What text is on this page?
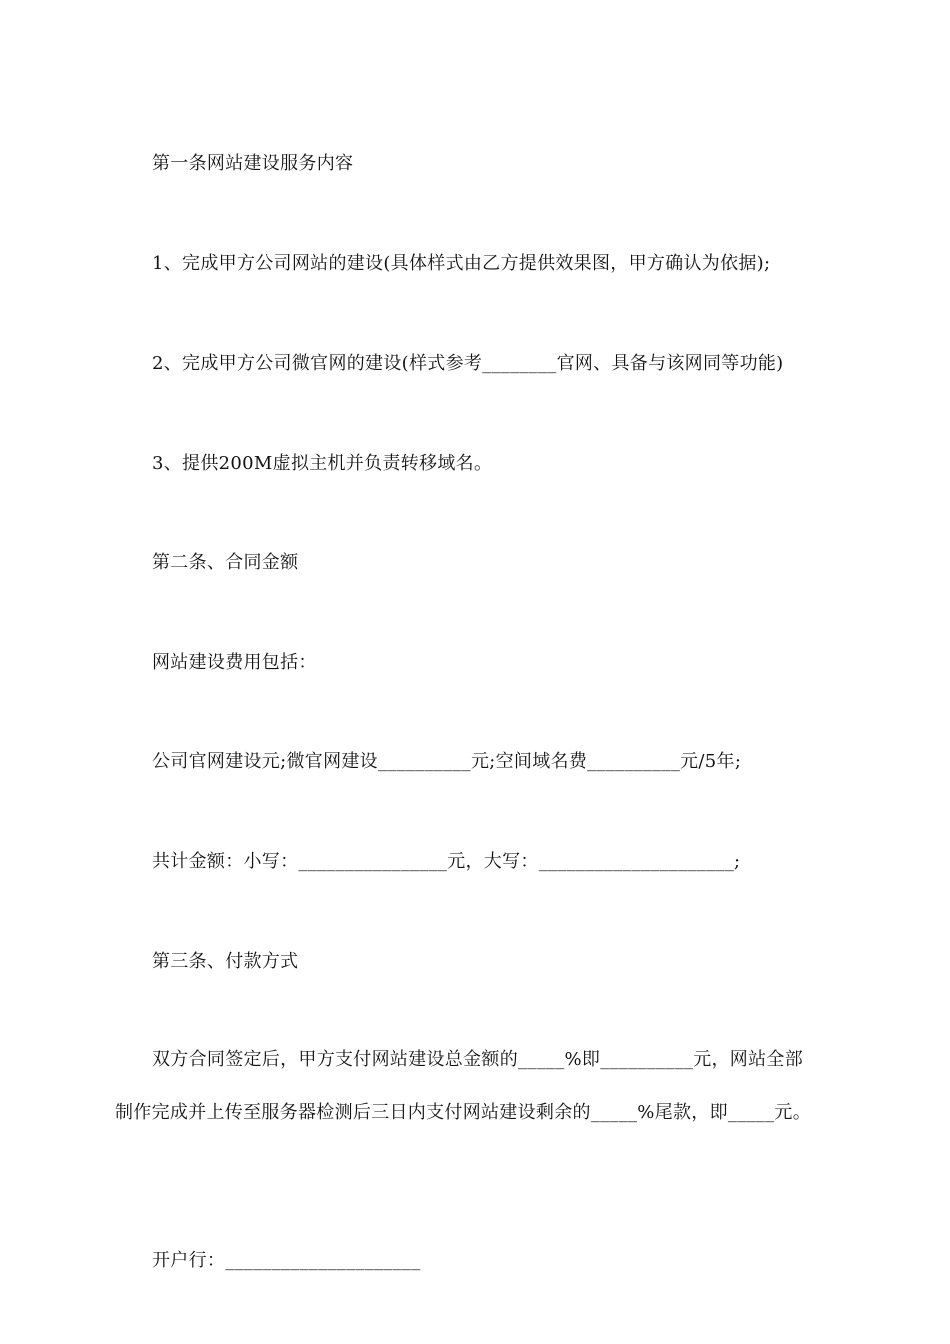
第一条网站建设服务内容
1、完成甲方公司网站的建设(具体样式由乙方提供效果图，甲方确认为依据);
2、完成甲方公司微官网的建设(样式参考________官网、具备与该网同等功能)
3、提供200M虚拟主机并负责转移域名。
第二条、合同金额
网站建设费用包括：
公司官网建设元;微官网建设__________元;空间域名费__________元/5年;
共计金额：小写：________________元，大写：_____________________;
第三条、付款方式
双方合同签定后，甲方支付网站建设总金额的_____%即__________元，网站全部
制作完成并上传至服务器检测后三日内支付网站建设剩余的_____%尾款，即_____元。
开户行：_____________________
